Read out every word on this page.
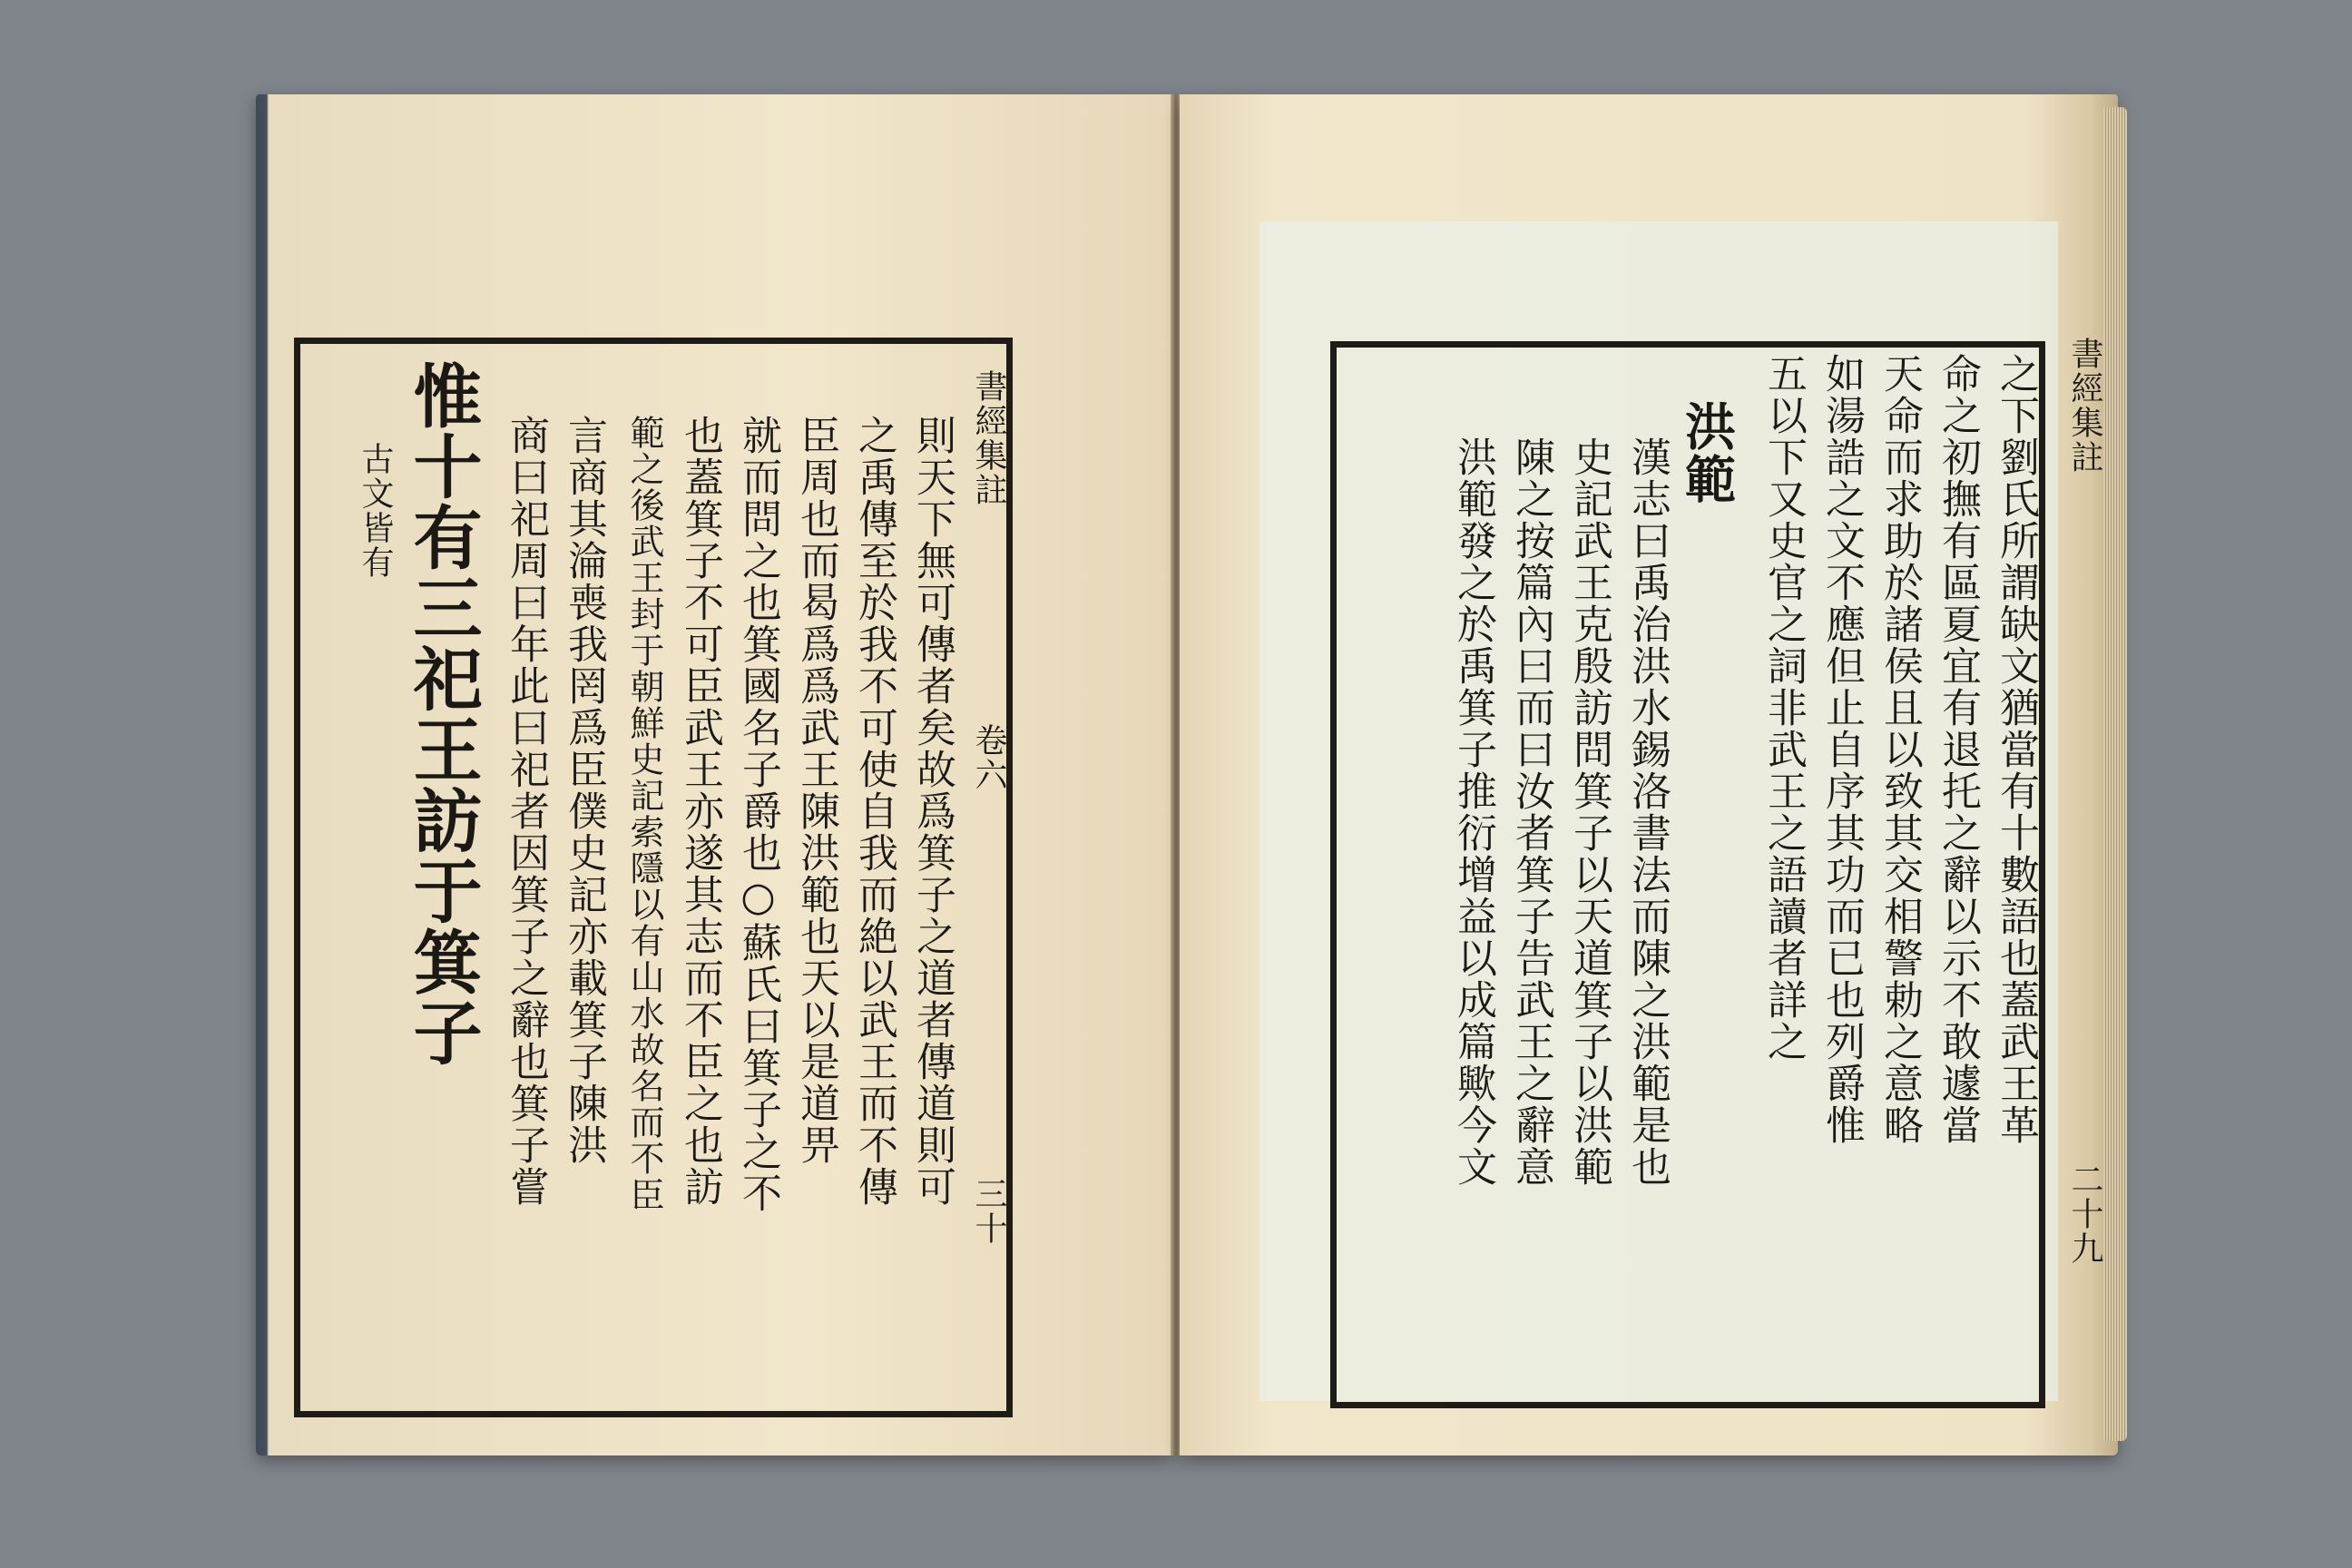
書經集註
卷六
三十
則天下無可傳者矣故爲箕子之道者傳道則可
之禹傳至於我不可使自我而絶以武王而不傳
臣周也而曷爲爲武王陳洪範也天以是道畀
就而問之也箕國名子爵也○蘇氏曰箕子之不
也蓋箕子不可臣武王亦遂其志而不臣之也訪
範之後武王封于朝鮮史記索隱以有山水故名而不臣
言商其淪喪我罔爲臣僕史記亦載箕子陳洪
商曰祀周曰年此曰祀者因箕子之辭也箕子嘗
惟十有三祀王訪于箕子
古文皆有
書經集註
二十九
之下劉氏所謂缺文猶當有十數語也蓋武王革
命之初撫有區夏宜有退托之辭以示不敢遽當
天命而求助於諸侯且以致其交相警勅之意略
如湯誥之文不應但止自序其功而已也列爵惟
五以下又史官之詞非武王之語讀者詳之
洪範
漢志曰禹治洪水錫洛書法而陳之洪範是也
史記武王克殷訪問箕子以天道箕子以洪範
陳之按篇內曰而曰汝者箕子告武王之辭意
洪範發之於禹箕子推衍增益以成篇歟今文
